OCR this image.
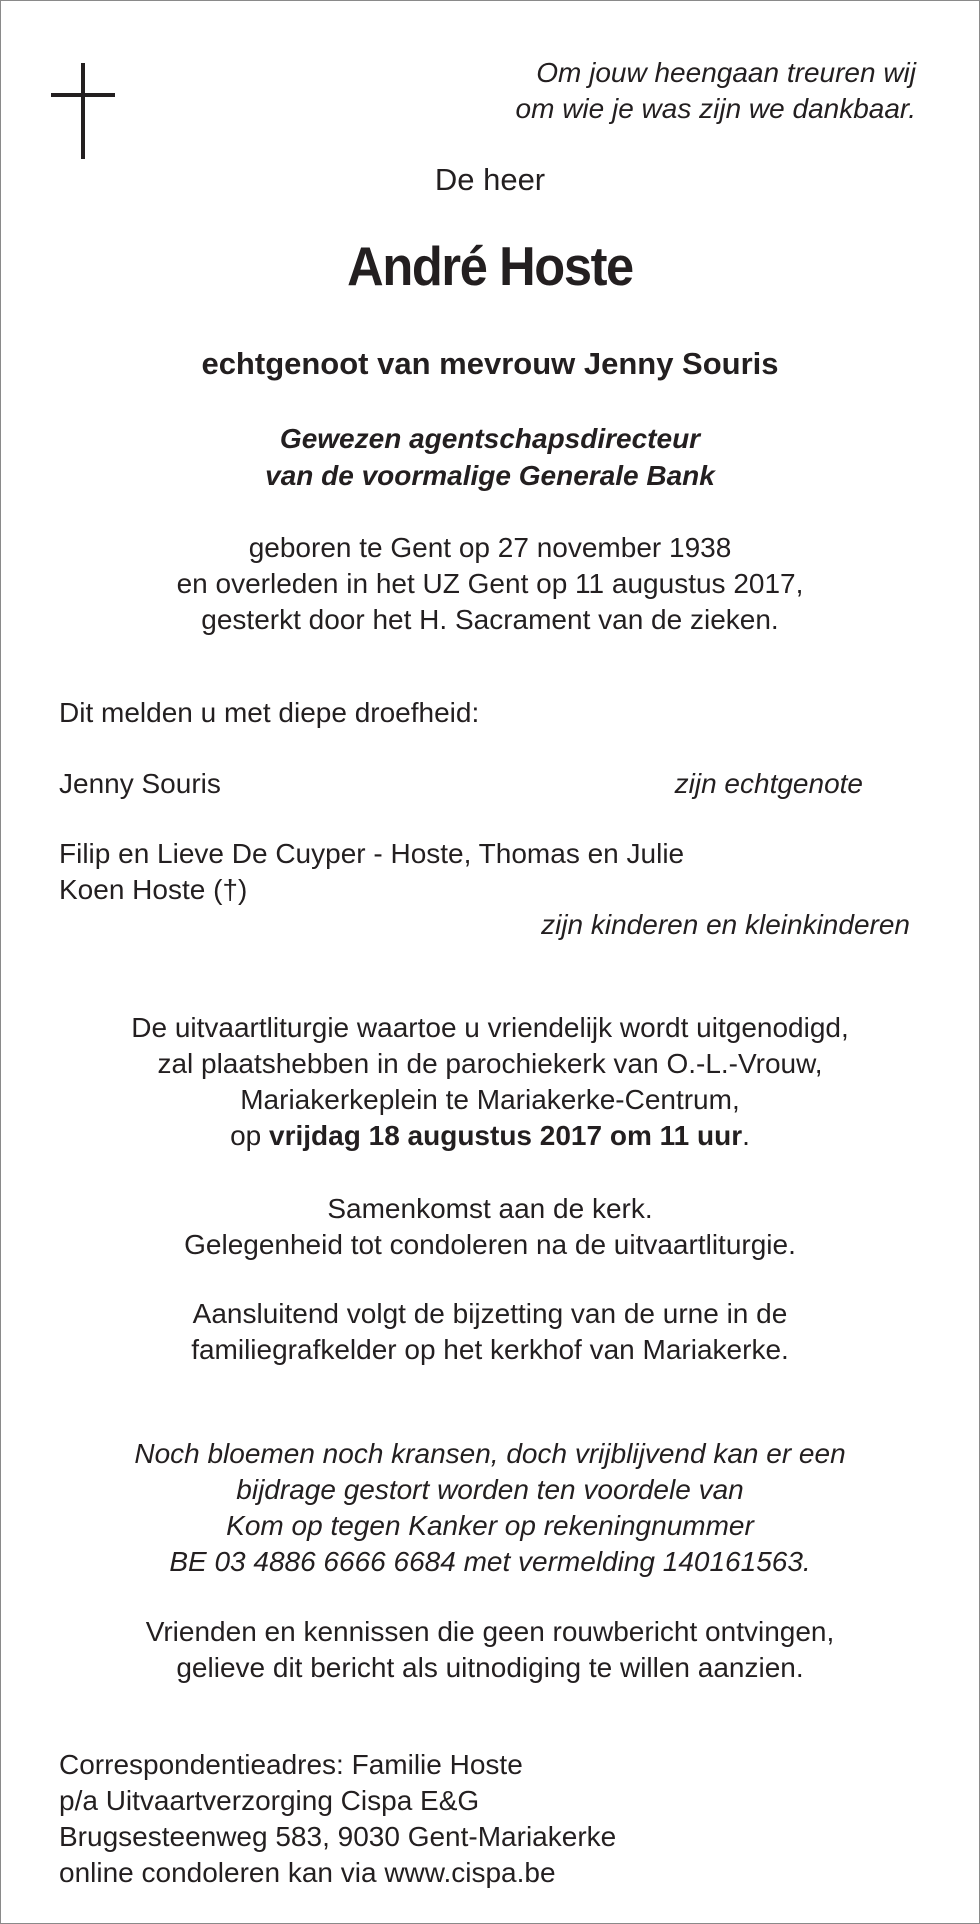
Om jouw heengaan treuren wij
om wie je was zijn we dankbaar.
De heer
André Hoste
echtgenoot van mevrouw Jenny Souris
Gewezen agentschapsdirecteur
van de voormalige Generale Bank
geboren te Gent op 27 november 1938
en overleden in het UZ Gent op 11 augustus 2017,
gesterkt door het H. Sacrament van de zieken.
Dit melden u met diepe droefheid:
Jenny Souris	zijn echtgenote
Filip en Lieve De Cuyper - Hoste, Thomas en Julie
Koen Hoste (†)
zijn kinderen en kleinkinderen
De uitvaartliturgie waartoe u vriendelijk wordt uitgenodigd,
zal plaatshebben in de parochiekerk van O.-L.-Vrouw,
Mariakerkeplein te Mariakerke-Centrum,
op vrijdag 18 augustus 2017 om 11 uur.
Samenkomst aan de kerk.
Gelegenheid tot condoleren na de uitvaartliturgie.
Aansluitend volgt de bijzetting van de urne in de
familiegrafkelder op het kerkhof van Mariakerke.
Noch bloemen noch kransen, doch vrijblijvend kan er een
bijdrage gestort worden ten voordele van
Kom op tegen Kanker op rekeningnummer
BE 03 4886 6666 6684 met vermelding 140161563.
Vrienden en kennissen die geen rouwbericht ontvingen,
gelieve dit bericht als uitnodiging te willen aanzien.
Correspondentieadres: Familie Hoste
p/a Uitvaartverzorging Cispa E&G
Brugsesteenweg 583, 9030 Gent-Mariakerke
online condoleren kan via www.cispa.be
